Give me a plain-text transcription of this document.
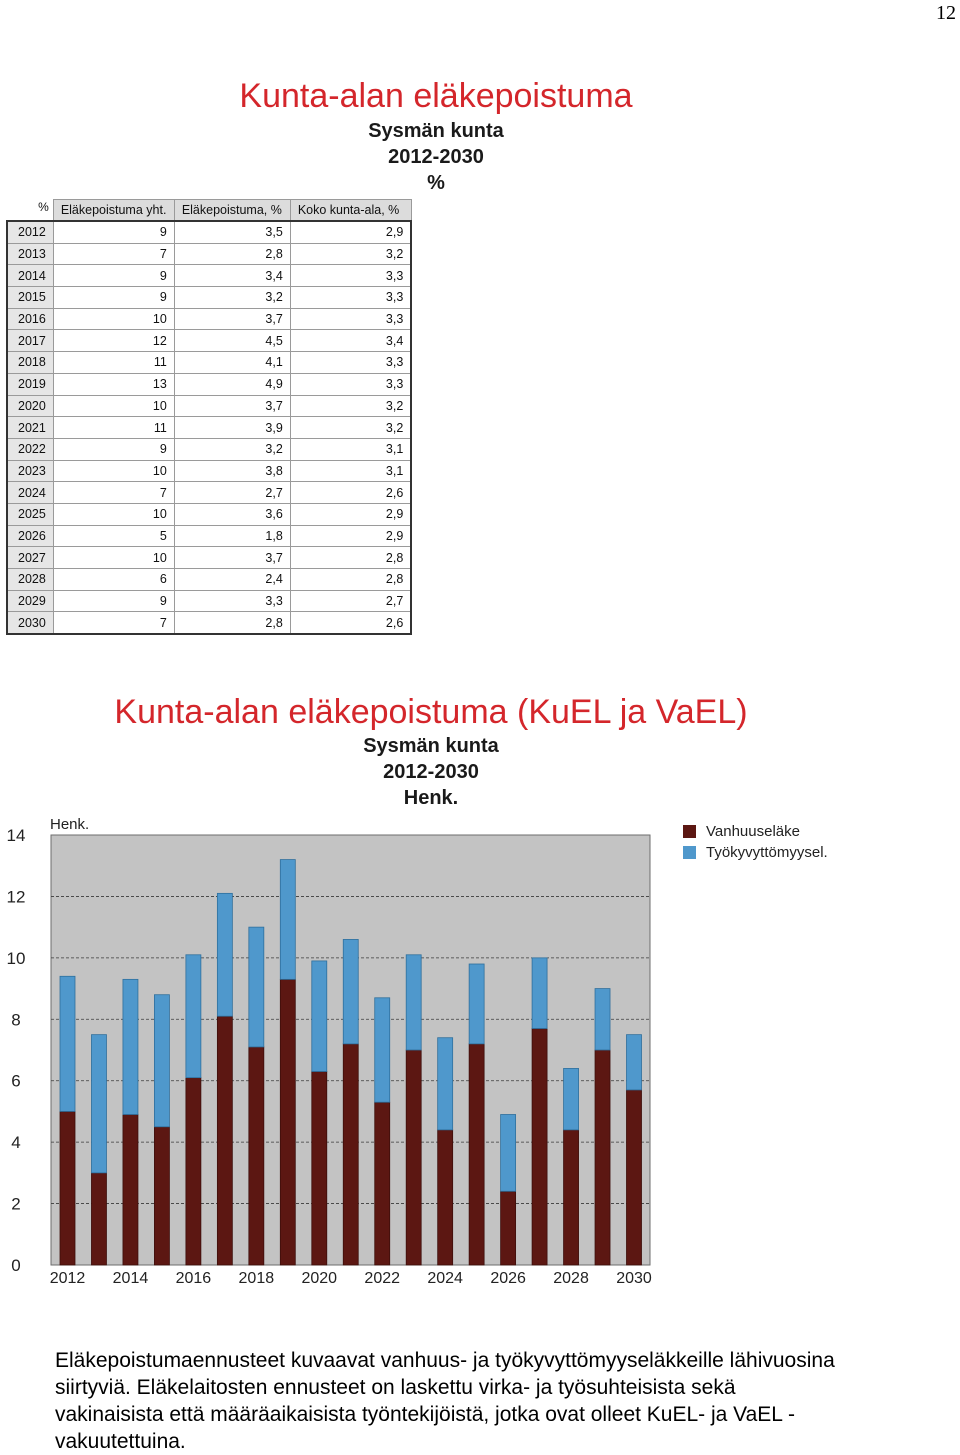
12
Kunta-alan eläkepoistuma
Sysmän kunta
2012-2030
%
%	Eläkepoistuma yht.	Eläkepoistuma, %	Koko kunta-ala, %
2012	9	3,5	2,9
2013	7	2,8	3,2
2014	9	3,4	3,3
2015	9	3,2	3,3
2016	10	3,7	3,3
2017	12	4,5	3,4
2018	11	4,1	3,3
2019	13	4,9	3,3
2020	10	3,7	3,2
2021	11	3,9	3,2
2022	9	3,2	3,1
2023	10	3,8	3,1
2024	7	2,7	2,6
2025	10	3,6	2,9
2026	5	1,8	2,9
2027	10	3,7	2,8
2028	6	2,4	2,8
2029	9	3,3	2,7
2030	7	2,8	2,6
Kunta-alan eläkepoistuma (KuEL ja VaEL)
Sysmän kunta
2012-2030
Henk.
0
2
4
6
8
10
12
14
Henk.
2012 2014 2016 2018 2020 2022 2024 2026 2028 2030
Vanhuuseläke
Työkyvyttömyysel.
Eläkepoistumaennusteet kuvaavat vanhuus- ja työkyvyttömyyseläkkeille lähivuosina
siirtyviä. Eläkelaitosten ennusteet on laskettu virka- ja työsuhteisista sekä
vakinaisista että määräaikaisista työntekijöistä, jotka ovat olleet KuEL- ja VaEL -
vakuutettuina.
